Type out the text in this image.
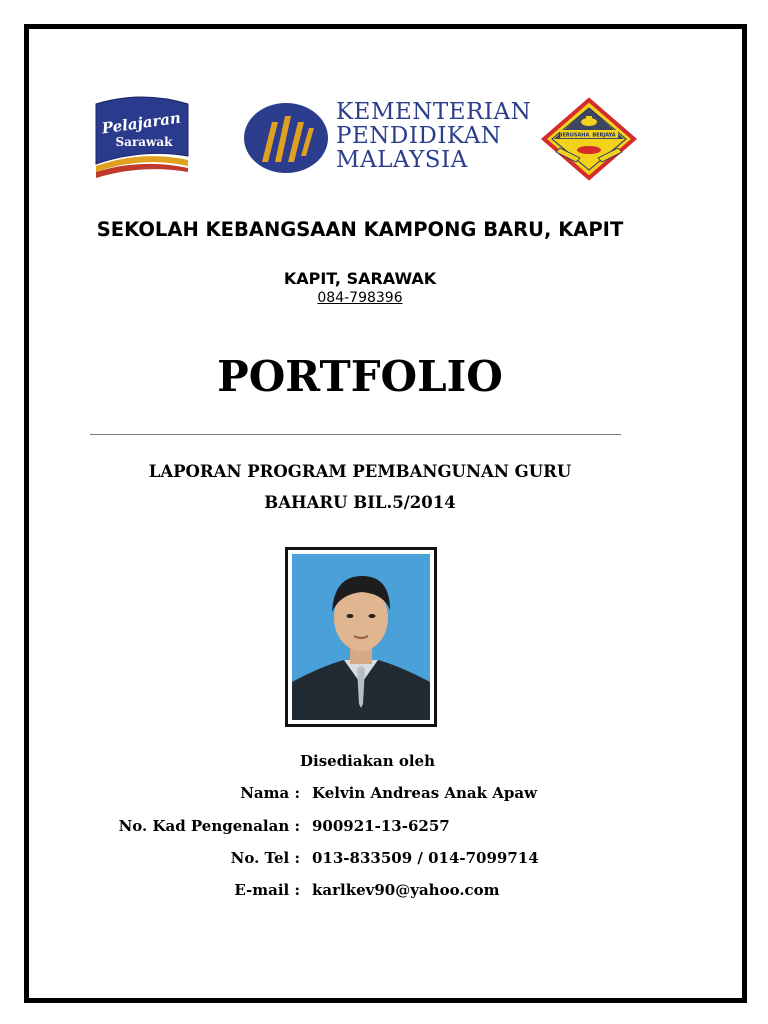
Pelajaran
Sarawak
KEMENTERIAN
PENDIDIKAN
MALAYSIA
BERUSAHA BERJAYA
SEKOLAH KEBANGSAAN KAMPONG BARU, KAPIT
KAPIT, SARAWAK
084-798396
PORTFOLIO
LAPORAN PROGRAM PEMBANGUNAN GURU
BAHARU BIL.5/2014
Disediakan oleh
Nama : Kelvin Andreas Anak Apaw
No. Kad Pengenalan : 900921-13-6257
No. Tel : 013-833509 / 014-7099714
E-mail : karlkev90@yahoo.com
